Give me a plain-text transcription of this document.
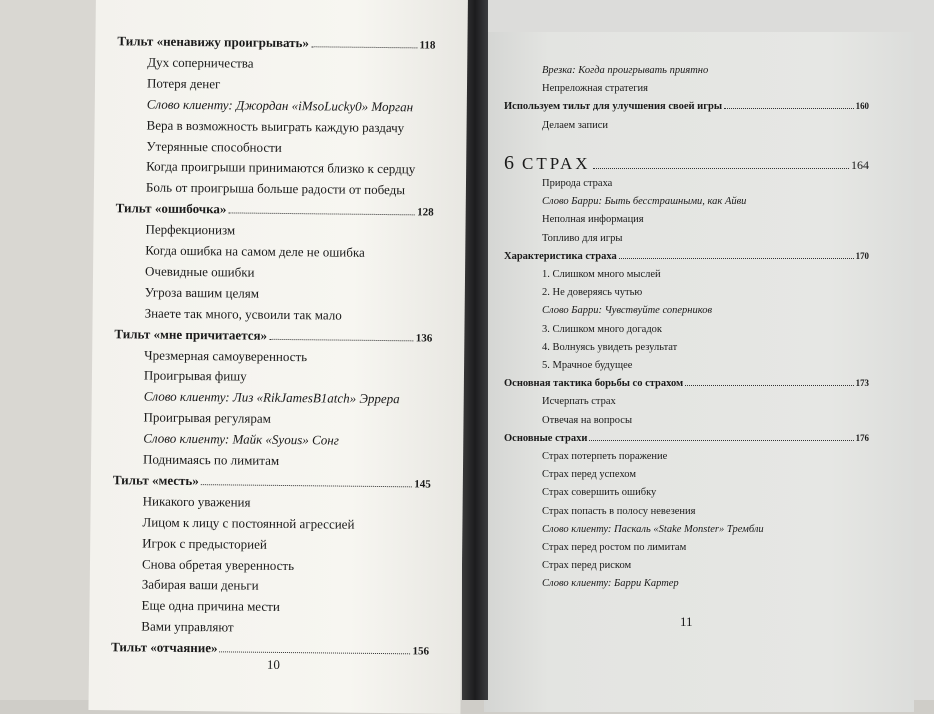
11
Врезка: Когда проигрывать приятно
Непреложная стратегия
Используем тильт для улучшения своей игры	160
Делаем записи
6 СТРАХ	164
Природа страха
Слово Барри: Быть бесстрашными, как Айви
Неполная информация
Топливо для игры
Характеристика страха	170
1. Слишком много мыслей
2. Не доверяясь чутью
Слово Барри: Чувствуйте соперников
3. Слишком много догадок
4. Волнуясь увидеть результат
5. Мрачное будущее
Основная тактика борьбы со страхом	173
Исчерпать страх
Отвечая на вопросы
Основные страхи	176
Страх потерпеть поражение
Страх перед успехом
Страх совершить ошибку
Страх попасть в полосу невезения
Слово клиенту: Паскаль «Stake Monster» Трембли
Страх перед ростом по лимитам
Страх перед риском
Слово клиенту: Барри Картер
10
Тильт «ненавижу проигрывать»	118
Дух соперничества
Потеря денег
Слово клиенту: Джордан «iMsoLucky0» Морган
Вера в возможность выиграть каждую раздачу
Утерянные способности
Когда проигрыши принимаются близко к сердцу
Боль от проигрыша больше радости от победы
Тильт «ошибочка»	128
Перфекционизм
Когда ошибка на самом деле не ошибка
Очевидные ошибки
Угроза вашим целям
Знаете так много, усвоили так мало
Тильт «мне причитается»	136
Чрезмерная самоуверенность
Проигрывая фишу
Слово клиенту: Лиз «RikJamesB1atch» Эррера
Проигрывая регулярам
Слово клиенту: Майк «Syous» Сонг
Поднимаясь по лимитам
Тильт «месть»	145
Никакого уважения
Лицом к лицу с постоянной агрессией
Игрок с предысторией
Снова обретая уверенность
Забирая ваши деньги
Еще одна причина мести
Вами управляют
Тильт «отчаяние»	156
